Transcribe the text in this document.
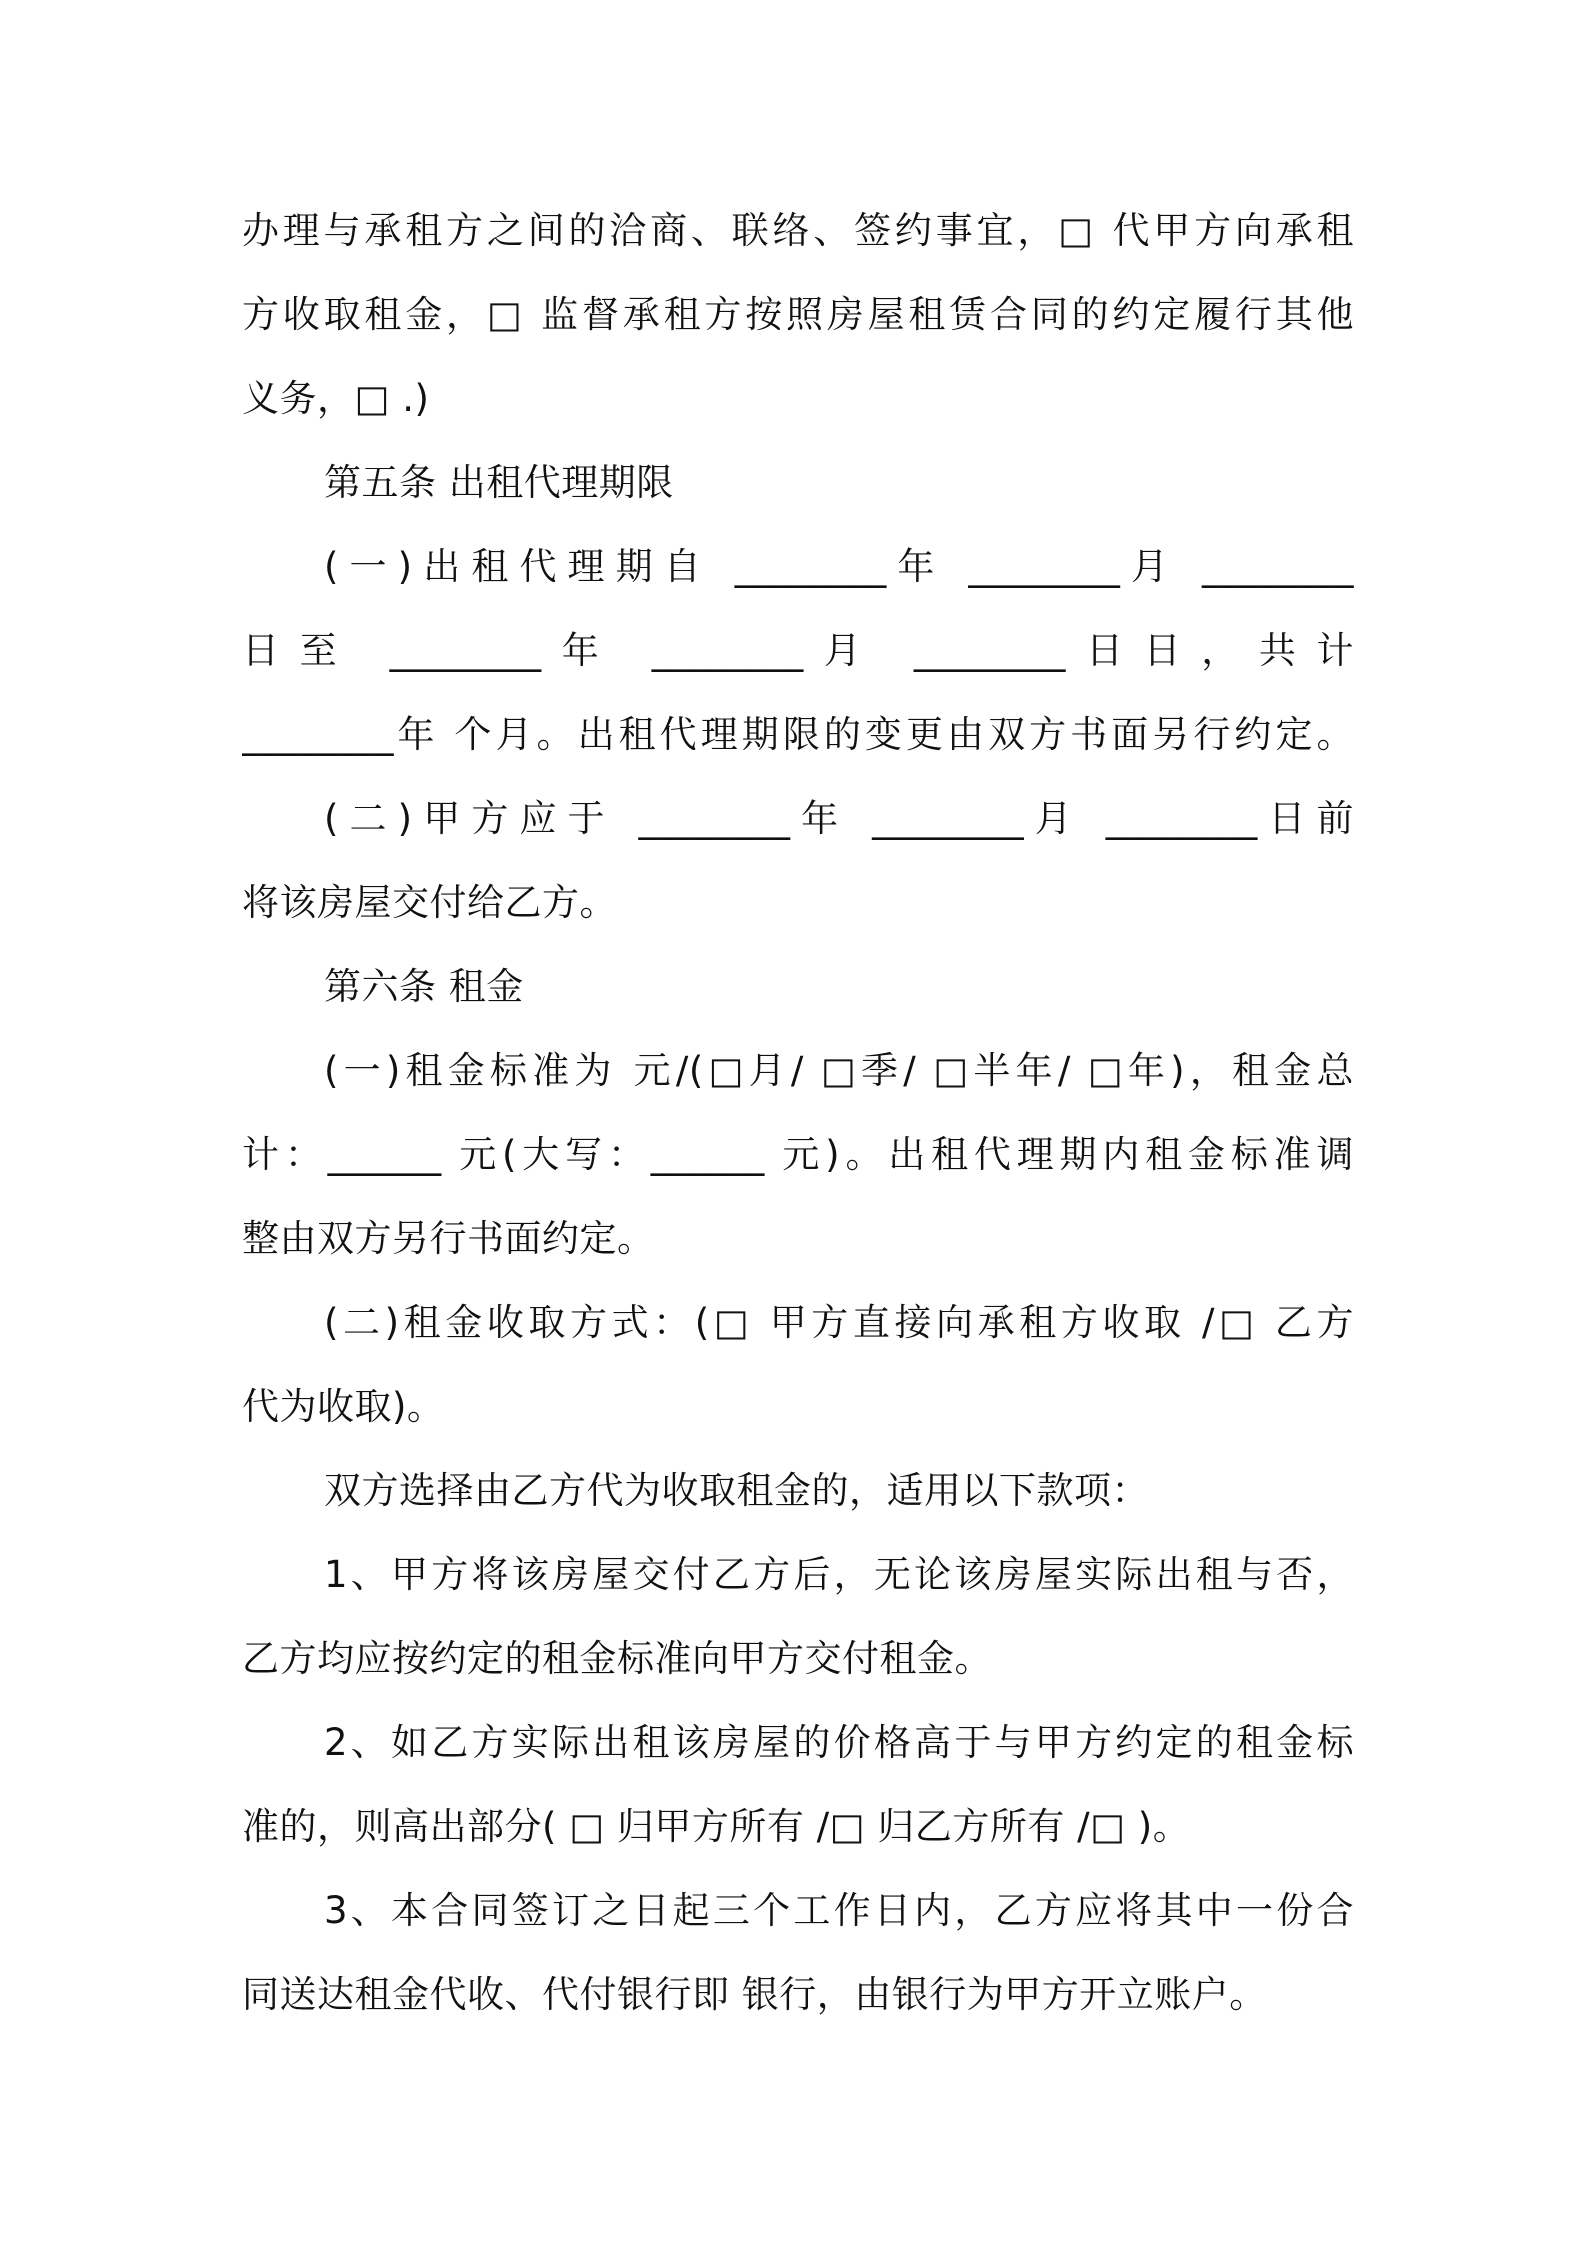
办理与承租方之间的洽商、联络、签约事宜，□ 代甲方向承租
方收取租金，□ 监督承租方按照房屋租赁合同的约定履行其他
义务，□ .)
第五条 出租代理期限
(一)出租代理期自 ________年 ________月 ________
日至 ________年 ________月 ________日日，共计
________年 个月。出租代理期限的变更由双方书面另行约定。
(二)甲方应于 ________年 ________月 ________日前
将该房屋交付给乙方。
第六条 租金
(一)租金标准为 元/(□月/ □季/ □半年/ □年)，租金总
计：______ 元(大写：______ 元)。出租代理期内租金标准调
整由双方另行书面约定。
(二)租金收取方式：(□ 甲方直接向承租方收取 /□ 乙方
代为收取)。
双方选择由乙方代为收取租金的，适用以下款项：
1、甲方将该房屋交付乙方后，无论该房屋实际出租与否，
乙方均应按约定的租金标准向甲方交付租金。
2、如乙方实际出租该房屋的价格高于与甲方约定的租金标
准的，则高出部分( □ 归甲方所有 /□ 归乙方所有 /□ )。
3、本合同签订之日起三个工作日内，乙方应将其中一份合
同送达租金代收、代付银行即 银行，由银行为甲方开立账户。
